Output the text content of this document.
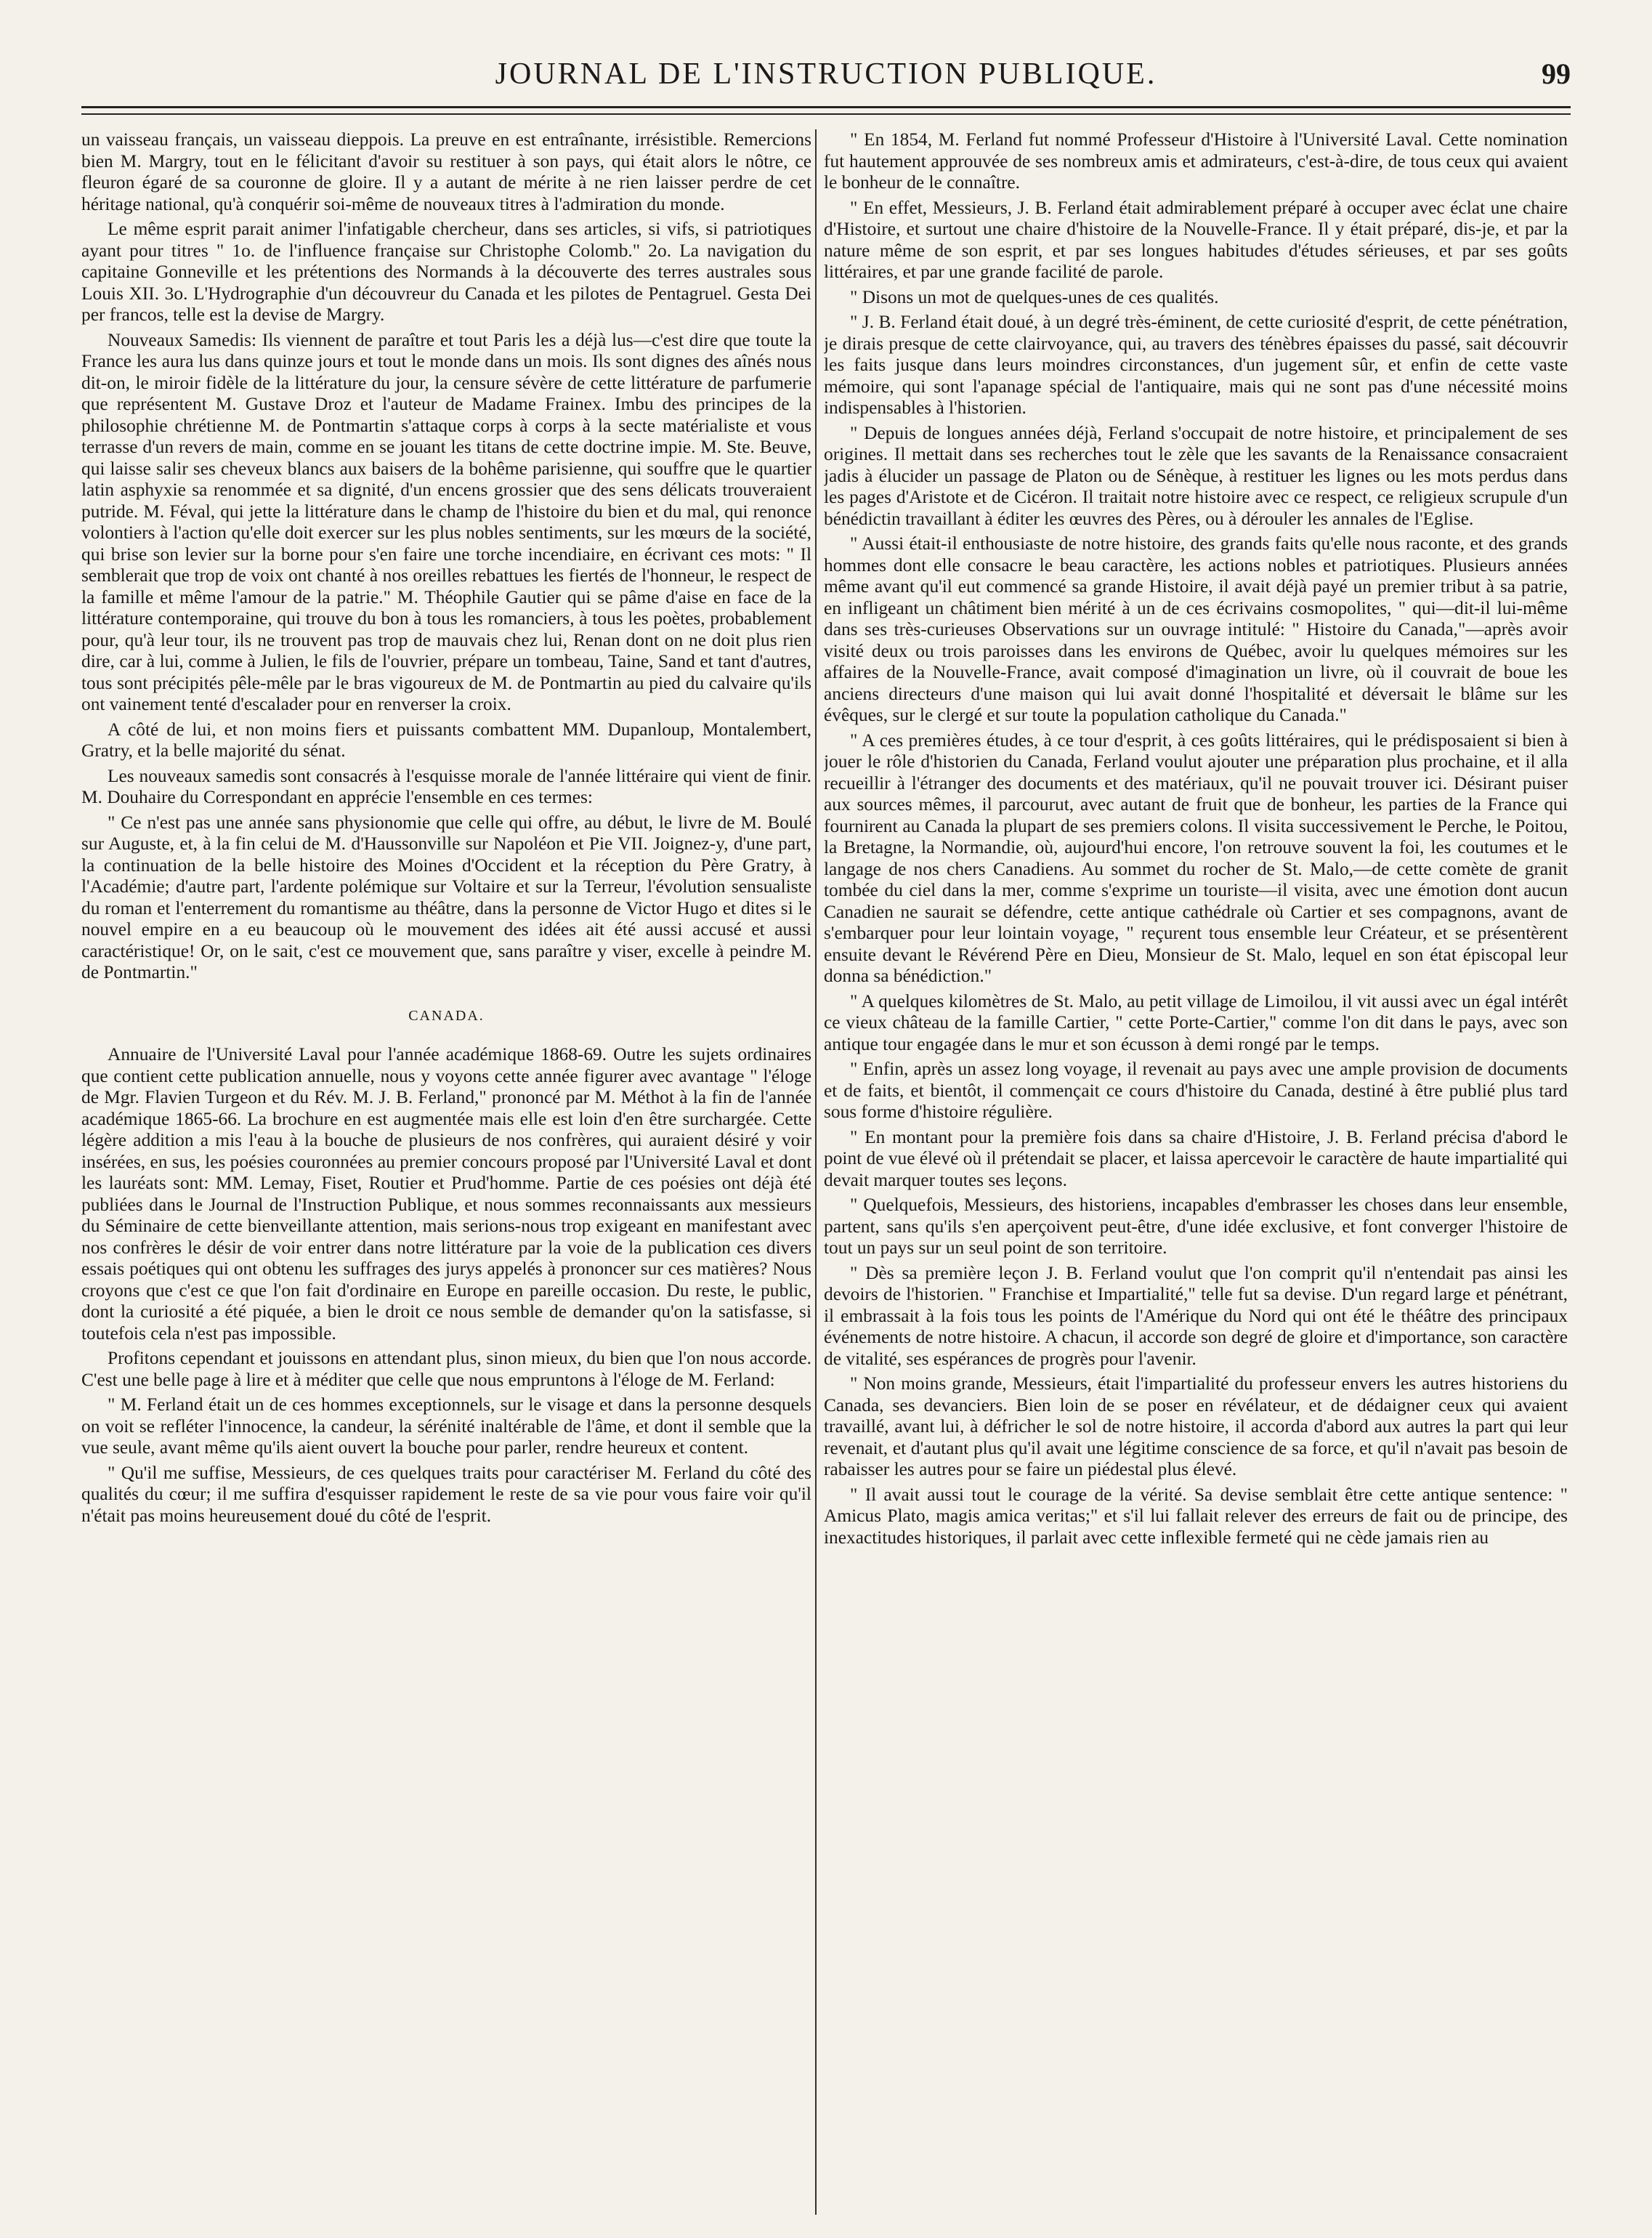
JOURNAL DE L'INSTRUCTION PUBLIQUE.	99

un vaisseau français, un vaisseau dieppois. La preuve en est entraînante, irrésistible. Remercions bien M. Margry, tout en le félicitant d'avoir su restituer à son pays, qui était alors le nôtre, ce fleuron égaré de sa couronne de gloire. Il y a autant de mérite à ne rien laisser perdre de cet héritage national, qu'à conquérir soi-même de nouveaux titres à l'admiration du monde.

Le même esprit parait animer l'infatigable chercheur, dans ses articles, si vifs, si patriotiques ayant pour titres " 1o. de l'influence française sur Christophe Colomb." 2o. La navigation du capitaine Gonneville et les prétentions des Normands à la découverte des terres australes sous Louis XII. 3o. L'Hydrographie d'un découvreur du Canada et les pilotes de Pentagruel. Gesta Dei per francos, telle est la devise de Margry.

Nouveaux Samedis: Ils viennent de paraître et tout Paris les a déjà lus—c'est dire que toute la France les aura lus dans quinze jours et tout le monde dans un mois. Ils sont dignes des aînés nous dit-on, le miroir fidèle de la littérature du jour, la censure sévère de cette littérature de parfumerie que représentent M. Gustave Droz et l'auteur de Madame Frainex. Imbu des principes de la philosophie chrétienne M. de Pontmartin s'attaque corps à corps à la secte matérialiste et vous terrasse d'un revers de main, comme en se jouant les titans de cette doctrine impie. M. Ste. Beuve, qui laisse salir ses cheveux blancs aux baisers de la bohême parisienne, qui souffre que le quartier latin asphyxie sa renommée et sa dignité, d'un encens grossier que des sens délicats trouveraient putride. M. Féval, qui jette la littérature dans le champ de l'histoire du bien et du mal, qui renonce volontiers à l'action qu'elle doit exercer sur les plus nobles sentiments, sur les mœurs de la société, qui brise son levier sur la borne pour s'en faire une torche incendiaire, en écrivant ces mots: " Il semblerait que trop de voix ont chanté à nos oreilles rebattues les fiertés de l'honneur, le respect de la famille et même l'amour de la patrie." M. Théophile Gautier qui se pâme d'aise en face de la littérature contemporaine, qui trouve du bon à tous les romanciers, à tous les poètes, probablement pour, qu'à leur tour, ils ne trouvent pas trop de mauvais chez lui, Renan dont on ne doit plus rien dire, car à lui, comme à Julien, le fils de l'ouvrier, prépare un tombeau, Taine, Sand et tant d'autres, tous sont précipités pêle-mêle par le bras vigoureux de M. de Pontmartin au pied du calvaire qu'ils ont vainement tenté d'escalader pour en renverser la croix.

A côté de lui, et non moins fiers et puissants combattent MM. Dupanloup, Montalembert, Gratry, et la belle majorité du sénat.

Les nouveaux samedis sont consacrés à l'esquisse morale de l'année littéraire qui vient de finir. M. Douhaire du Correspondant en apprécie l'ensemble en ces termes:

" Ce n'est pas une année sans physionomie que celle qui offre, au début, le livre de M. Boulé sur Auguste, et, à la fin celui de M. d'Haussonville sur Napoléon et Pie VII. Joignez-y, d'une part, la continuation de la belle histoire des Moines d'Occident et la réception du Père Gratry, à l'Académie; d'autre part, l'ardente polémique sur Voltaire et sur la Terreur, l'évolution sensualiste du roman et l'enterrement du romantisme au théâtre, dans la personne de Victor Hugo et dites si le nouvel empire en a eu beaucoup où le mouvement des idées ait été aussi accusé et aussi caractéristique! Or, on le sait, c'est ce mouvement que, sans paraître y viser, excelle à peindre M. de Pontmartin."

CANADA.

Annuaire de l'Université Laval pour l'année académique 1868-69. Outre les sujets ordinaires que contient cette publication annuelle, nous y voyons cette année figurer avec avantage " l'éloge de Mgr. Flavien Turgeon et du Rév. M. J. B. Ferland," prononcé par M. Méthot à la fin de l'année académique 1865-66. La brochure en est augmentée mais elle est loin d'en être surchargée. Cette légère addition a mis l'eau à la bouche de plusieurs de nos confrères, qui auraient désiré y voir insérées, en sus, les poésies couronnées au premier concours proposé par l'Université Laval et dont les lauréats sont: MM. Lemay, Fiset, Routier et Prud'homme. Partie de ces poésies ont déjà été publiées dans le Journal de l'Instruction Publique, et nous sommes reconnaissants aux messieurs du Séminaire de cette bienveillante attention, mais serions-nous trop exigeant en manifestant avec nos confrères le désir de voir entrer dans notre littérature par la voie de la publication ces divers essais poétiques qui ont obtenu les suffrages des jurys appelés à prononcer sur ces matières? Nous croyons que c'est ce que l'on fait d'ordinaire en Europe en pareille occasion. Du reste, le public, dont la curiosité a été piquée, a bien le droit ce nous semble de demander qu'on la satisfasse, si toutefois cela n'est pas impossible.

Profitons cependant et jouissons en attendant plus, sinon mieux, du bien que l'on nous accorde. C'est une belle page à lire et à méditer que celle que nous empruntons à l'éloge de M. Ferland:

" M. Ferland était un de ces hommes exceptionnels, sur le visage et dans la personne desquels on voit se refléter l'innocence, la candeur, la sérénité inaltérable de l'âme, et dont il semble que la vue seule, avant même qu'ils aient ouvert la bouche pour parler, rendre heureux et content.

" Qu'il me suffise, Messieurs, de ces quelques traits pour caractériser M. Ferland du côté des qualités du cœur; il me suffira d'esquisser rapidement le reste de sa vie pour vous faire voir qu'il n'était pas moins heureusement doué du côté de l'esprit.

" En 1854, M. Ferland fut nommé Professeur d'Histoire à l'Université Laval. Cette nomination fut hautement approuvée de ses nombreux amis et admirateurs, c'est-à-dire, de tous ceux qui avaient le bonheur de le connaître.

" En effet, Messieurs, J. B. Ferland était admirablement préparé à occuper avec éclat une chaire d'Histoire, et surtout une chaire d'histoire de la Nouvelle-France. Il y était préparé, dis-je, et par la nature même de son esprit, et par ses longues habitudes d'études sérieuses, et par ses goûts littéraires, et par une grande facilité de parole.

" Disons un mot de quelques-unes de ces qualités.

" J. B. Ferland était doué, à un degré très-éminent, de cette curiosité d'esprit, de cette pénétration, je dirais presque de cette clairvoyance, qui, au travers des ténèbres épaisses du passé, sait découvrir les faits jusque dans leurs moindres circonstances, d'un jugement sûr, et enfin de cette vaste mémoire, qui sont l'apanage spécial de l'antiquaire, mais qui ne sont pas d'une nécessité moins indispensables à l'historien.

" Depuis de longues années déjà, Ferland s'occupait de notre histoire, et principalement de ses origines. Il mettait dans ses recherches tout le zèle que les savants de la Renaissance consacraient jadis à élucider un passage de Platon ou de Sénèque, à restituer les lignes ou les mots perdus dans les pages d'Aristote et de Cicéron. Il traitait notre histoire avec ce respect, ce religieux scrupule d'un bénédictin travaillant à éditer les œuvres des Pères, ou à dérouler les annales de l'Eglise.

" Aussi était-il enthousiaste de notre histoire, des grands faits qu'elle nous raconte, et des grands hommes dont elle consacre le beau caractère, les actions nobles et patriotiques. Plusieurs années même avant qu'il eut commencé sa grande Histoire, il avait déjà payé un premier tribut à sa patrie, en infligeant un châtiment bien mérité à un de ces écrivains cosmopolites, " qui—dit-il lui-même dans ses très-curieuses Observations sur un ouvrage intitulé: " Histoire du Canada,"—après avoir visité deux ou trois paroisses dans les environs de Québec, avoir lu quelques mémoires sur les affaires de la Nouvelle-France, avait composé d'imagination un livre, où il couvrait de boue les anciens directeurs d'une maison qui lui avait donné l'hospitalité et déversait le blâme sur les évêques, sur le clergé et sur toute la population catholique du Canada."

" A ces premières études, à ce tour d'esprit, à ces goûts littéraires, qui le prédisposaient si bien à jouer le rôle d'historien du Canada, Ferland voulut ajouter une préparation plus prochaine, et il alla recueillir à l'étranger des documents et des matériaux, qu'il ne pouvait trouver ici. Désirant puiser aux sources mêmes, il parcourut, avec autant de fruit que de bonheur, les parties de la France qui fournirent au Canada la plupart de ses premiers colons. Il visita successivement le Perche, le Poitou, la Bretagne, la Normandie, où, aujourd'hui encore, l'on retrouve souvent la foi, les coutumes et le langage de nos chers Canadiens. Au sommet du rocher de St. Malo,—de cette comète de granit tombée du ciel dans la mer, comme s'exprime un touriste—il visita, avec une émotion dont aucun Canadien ne saurait se défendre, cette antique cathédrale où Cartier et ses compagnons, avant de s'embarquer pour leur lointain voyage, " reçurent tous ensemble leur Créateur, et se présentèrent ensuite devant le Révérend Père en Dieu, Monsieur de St. Malo, lequel en son état épiscopal leur donna sa bénédiction."

" A quelques kilomètres de St. Malo, au petit village de Limoilou, il vit aussi avec un égal intérêt ce vieux château de la famille Cartier, " cette Porte-Cartier," comme l'on dit dans le pays, avec son antique tour engagée dans le mur et son écusson à demi rongé par le temps.

" Enfin, après un assez long voyage, il revenait au pays avec une ample provision de documents et de faits, et bientôt, il commençait ce cours d'histoire du Canada, destiné à être publié plus tard sous forme d'histoire régulière.

" En montant pour la première fois dans sa chaire d'Histoire, J. B. Ferland précisa d'abord le point de vue élevé où il prétendait se placer, et laissa apercevoir le caractère de haute impartialité qui devait marquer toutes ses leçons.

" Quelquefois, Messieurs, des historiens, incapables d'embrasser les choses dans leur ensemble, partent, sans qu'ils s'en aperçoivent peut-être, d'une idée exclusive, et font converger l'histoire de tout un pays sur un seul point de son territoire.

" Dès sa première leçon J. B. Ferland voulut que l'on comprit qu'il n'entendait pas ainsi les devoirs de l'historien. " Franchise et Impartialité," telle fut sa devise. D'un regard large et pénétrant, il embrassait à la fois tous les points de l'Amérique du Nord qui ont été le théâtre des principaux événements de notre histoire. A chacun, il accorde son degré de gloire et d'importance, son caractère de vitalité, ses espérances de progrès pour l'avenir.

" Non moins grande, Messieurs, était l'impartialité du professeur envers les autres historiens du Canada, ses devanciers. Bien loin de se poser en révélateur, et de dédaigner ceux qui avaient travaillé, avant lui, à défricher le sol de notre histoire, il accorda d'abord aux autres la part qui leur revenait, et d'autant plus qu'il avait une légitime conscience de sa force, et qu'il n'avait pas besoin de rabaisser les autres pour se faire un piédestal plus élevé.

" Il avait aussi tout le courage de la vérité. Sa devise semblait être cette antique sentence: " Amicus Plato, magis amica veritas;" et s'il lui fallait relever des erreurs de fait ou de principe, des inexactitudes historiques, il parlait avec cette inflexible fermeté qui ne cède jamais rien au
